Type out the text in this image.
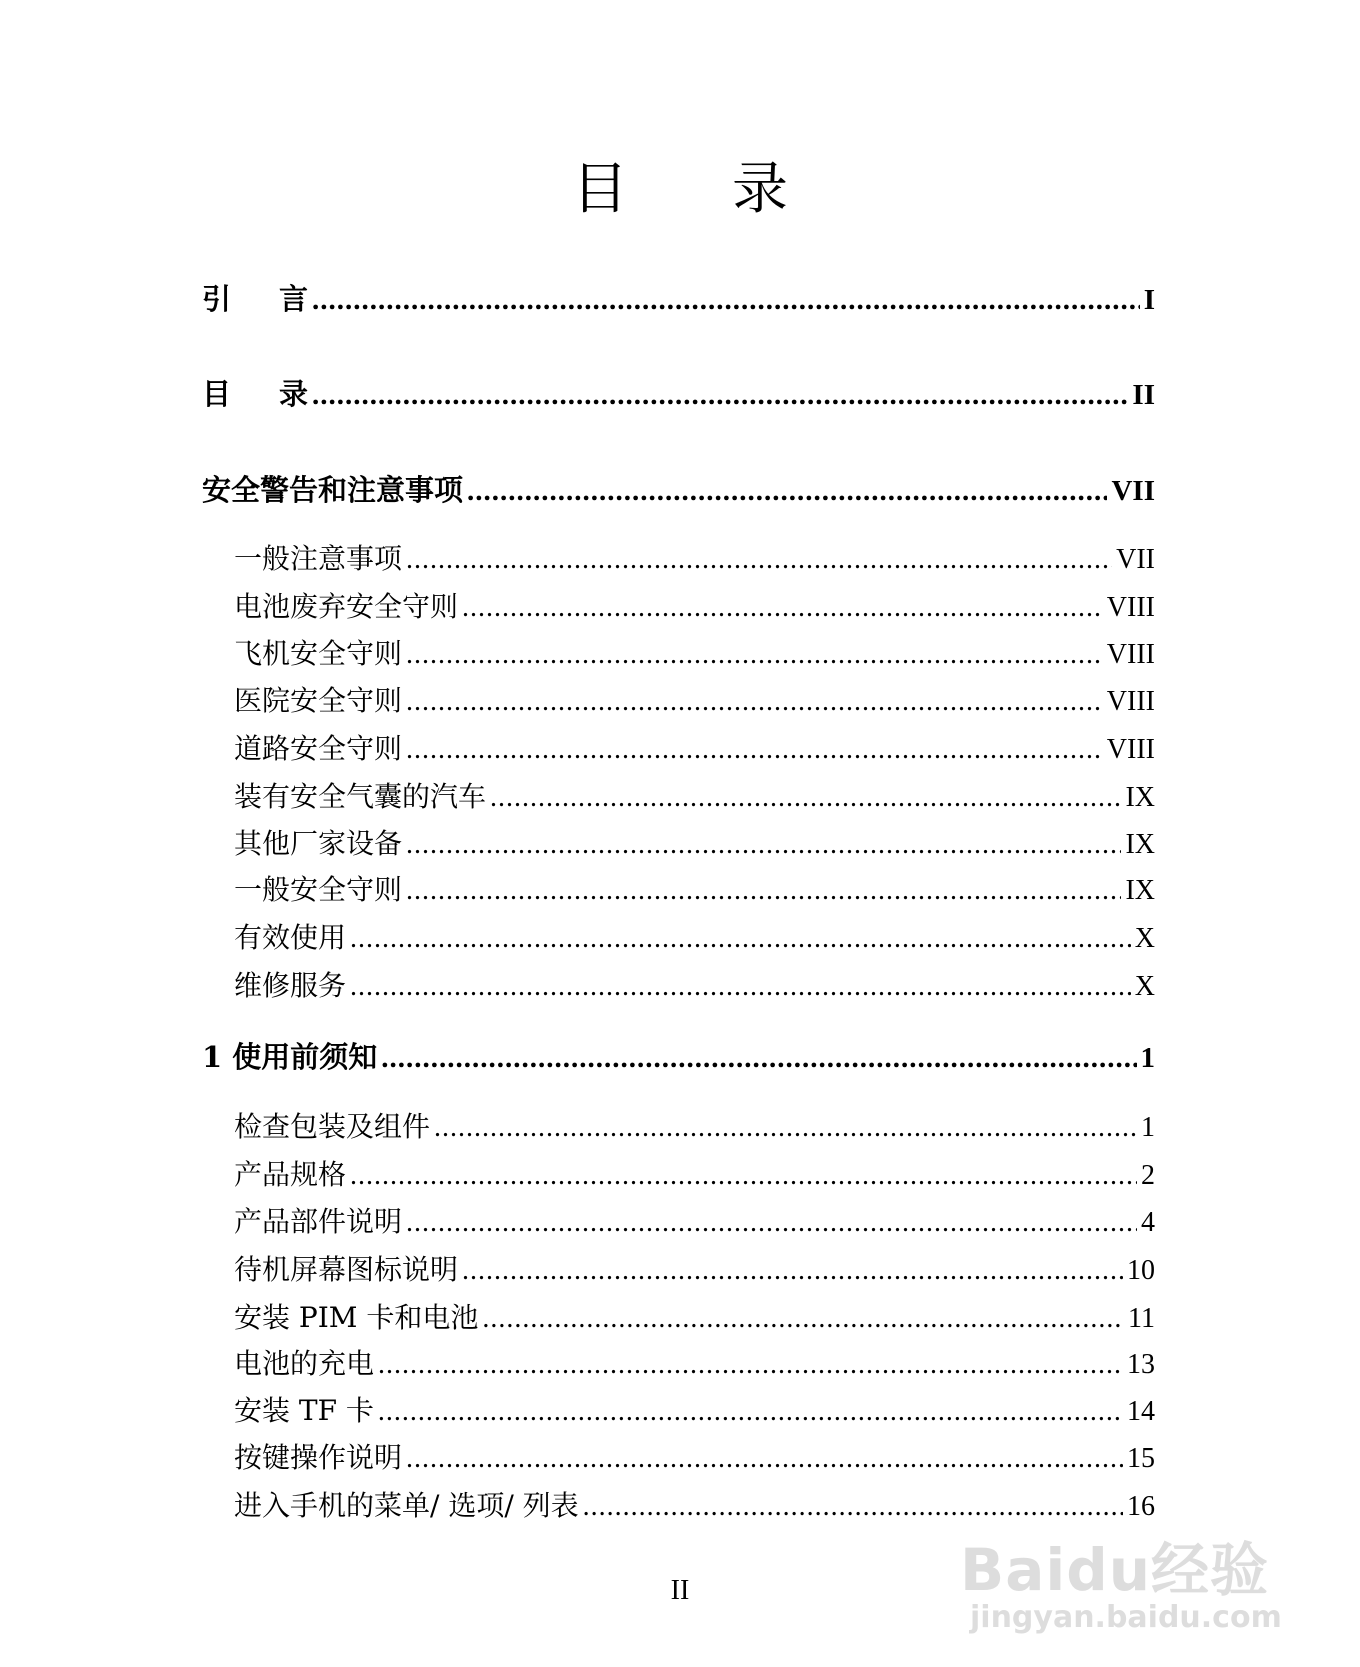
目 录
引 言 .....	I
目 录 .....	II
安全警告和注意事项 .....	VII
一般注意事项 .....	VII
电池废弃安全守则 .....	VIII
飞机安全守则 .....	VIII
医院安全守则 .....	VIII
道路安全守则 .....	VIII
装有安全气囊的汽车 .....	IX
其他厂家设备 .....	IX
一般安全守则 .....	IX
有效使用 .....	X
维修服务 .....	X
1 使用前须知 .....	1
检查包装及组件 .....	1
产品规格 .....	2
产品部件说明 .....	4
待机屏幕图标说明 .....	10
安装 PIM 卡和电池 .....	11
电池的充电 .....	13
安装 TF 卡 .....	14
按键操作说明 .....	15
进入手机的菜单/ 选项/ 列表 .....	16
II	Baidu经验
jingyan.baidu.com
